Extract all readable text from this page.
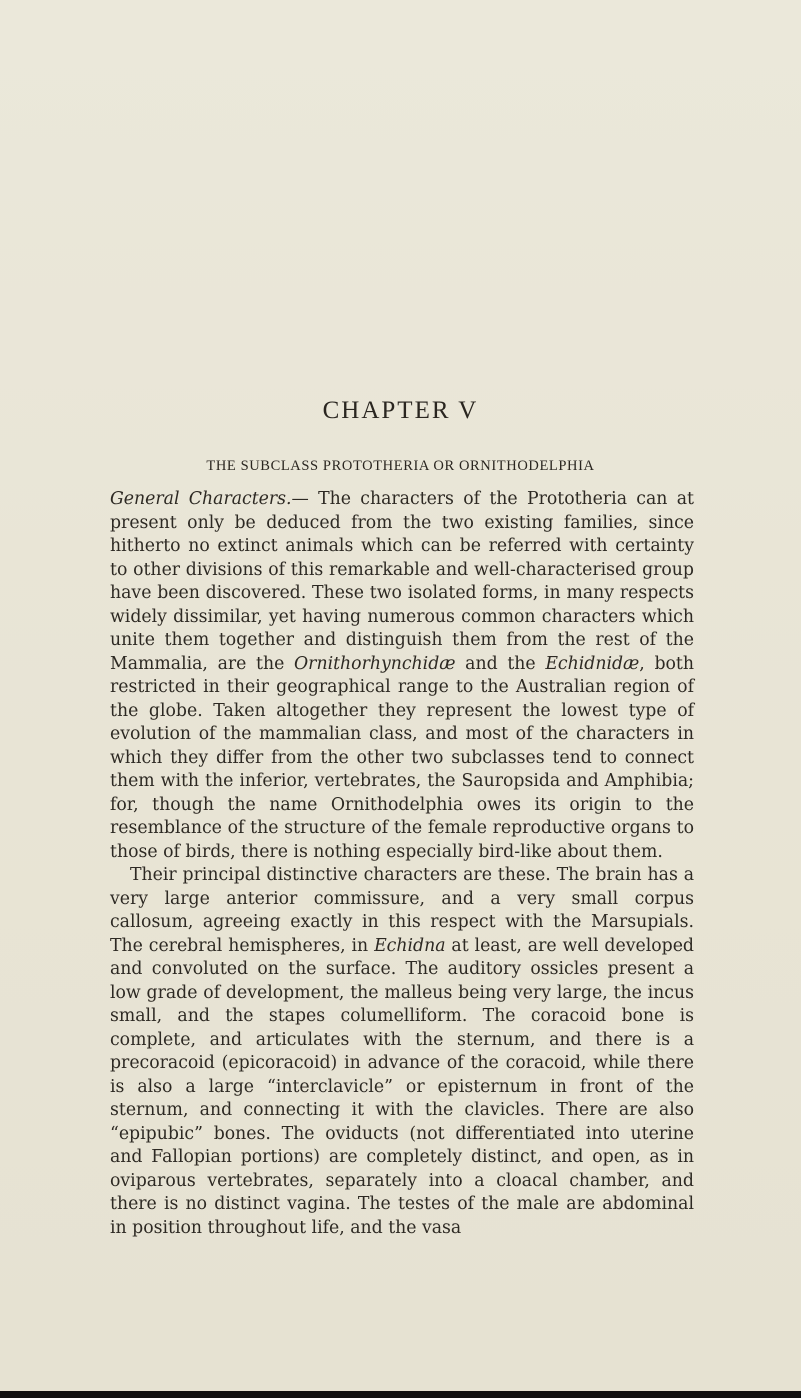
CHAPTER V
THE SUBCLASS PROTOTHERIA OR ORNITHODELPHIA

General Characters.— The characters of the Prototheria can at present only be deduced from the two existing families, since hitherto no extinct animals which can be referred with certainty to other divisions of this remarkable and well-characterised group have been discovered. These two isolated forms, in many respects widely dissimilar, yet having numerous common characters which unite them together and distinguish them from the rest of the Mammalia, are the Ornithorhynchidæ and the Echidnidæ, both restricted in their geographical range to the Australian region of the globe. Taken altogether they represent the lowest type of evolution of the mammalian class, and most of the characters in which they differ from the other two subclasses tend to connect them with the inferior, vertebrates, the Sauropsida and Amphibia; for, though the name Ornithodelphia owes its origin to the resemblance of the structure of the female reproductive organs to those of birds, there is nothing especially bird-like about them.

Their principal distinctive characters are these. The brain has a very large anterior commissure, and a very small corpus callosum, agreeing exactly in this respect with the Marsupials. The cerebral hemispheres, in Echidna at least, are well developed and convoluted on the surface. The auditory ossicles present a low grade of development, the malleus being very large, the incus small, and the stapes columelliform. The coracoid bone is complete, and articulates with the sternum, and there is a precoracoid (epicoracoid) in advance of the coracoid, while there is also a large “interclavicle” or episternum in front of the sternum, and connecting it with the clavicles. There are also “epipubic” bones. The oviducts (not differentiated into uterine and Fallopian portions) are completely distinct, and open, as in oviparous vertebrates, separately into a cloacal chamber, and there is no distinct vagina. The testes of the male are abdominal in position throughout life, and the vasa
